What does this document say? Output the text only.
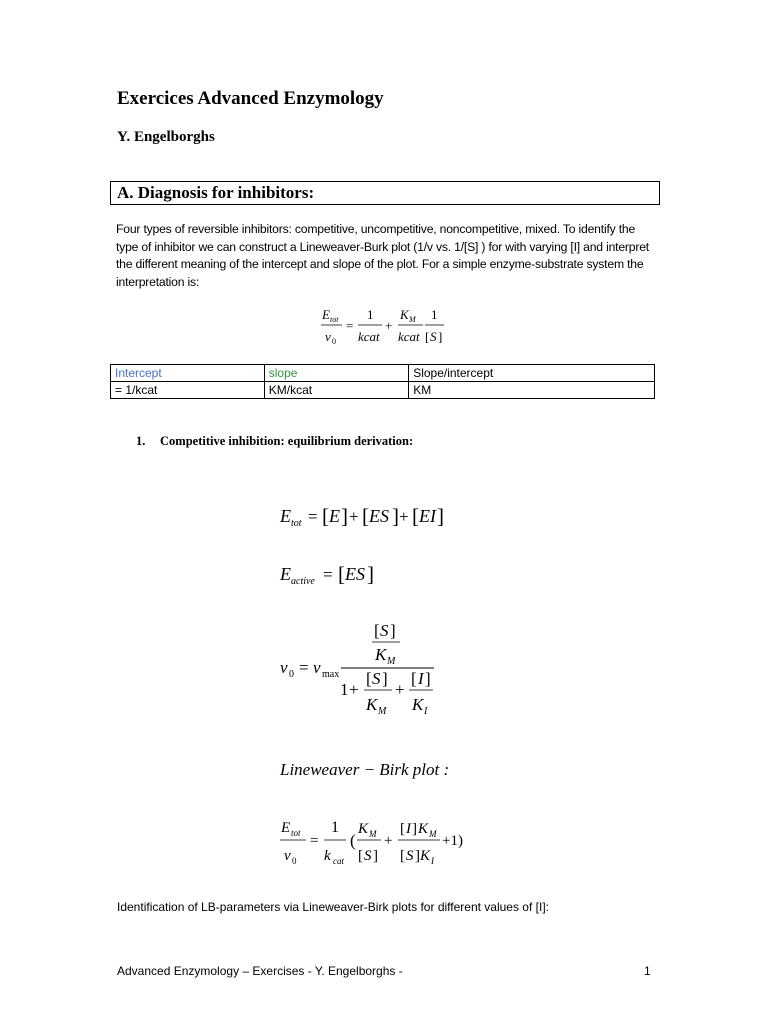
Exercices Advanced Enzymology
Y. Engelborghs
A. Diagnosis for inhibitors:
Four types of reversible inhibitors: competitive, uncompetitive, noncompetitive, mixed. To identify the type of inhibitor we can construct a Lineweaver-Burk plot (1/v vs. 1/[S] ) for with varying [I] and interpret the different meaning of the intercept and slope of the plot. For a simple enzyme-substrate system the interpretation is:
E tot
v 0
=
1
kcat
+
K M
kcat
1
[ S ]
Intercept	slope	Slope/intercept
= 1/kcat	KM/kcat	KM
1. Competitive inhibition: equilibrium derivation:
E tot = [ E ] + [ ES ] + [ EI ]
E active = [ ES ]
v 0 = v max
[ S ]
K M
1 +
[ S ]
K M
+
[ I ]
K I
Lineweaver − Birk plot :
E tot
v 0
=
1
k cat
(
K M
[ S ]
+
[ I ] K M
[ S ] K I
+1)
Identification of LB-parameters via Lineweaver-Birk plots for different values of [I]:
Advanced Enzymology – Exercises - Y. Engelborghs -	1
